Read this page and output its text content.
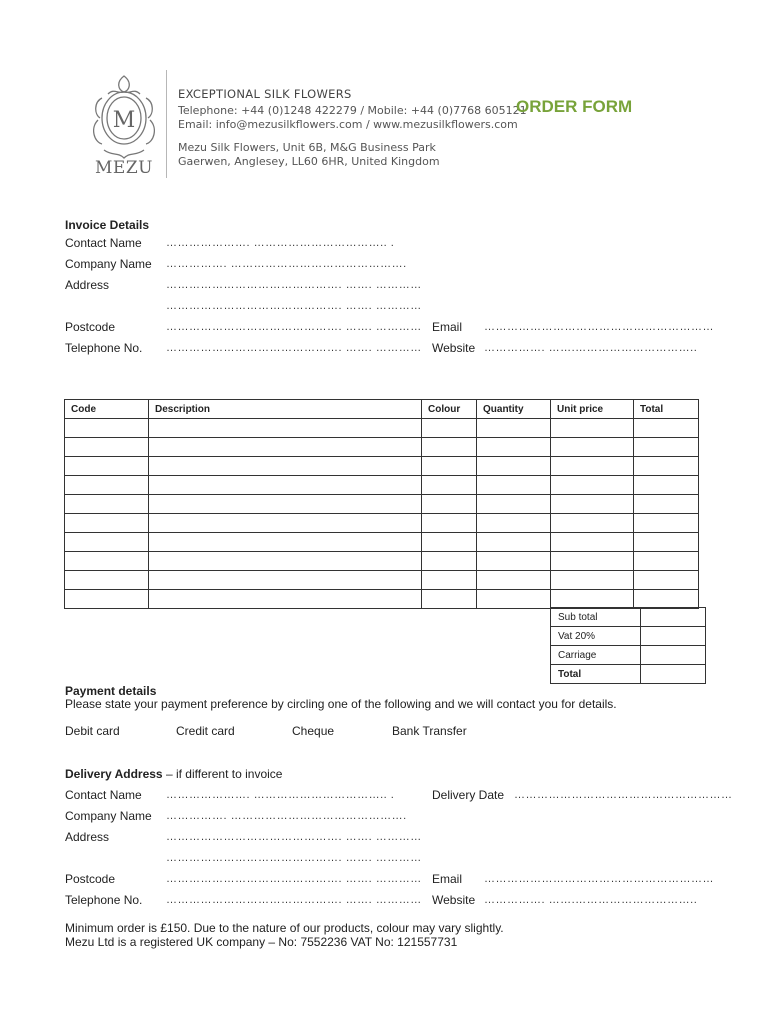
M
MEZU
EXCEPTIONAL SILK FLOWERS
Telephone: +44 (0)1248 422279 / Mobile: +44 (0)7768 605121
Email: info@mezusilkflowers.com / www.mezusilkflowers.com
Mezu Silk Flowers, Unit 6B, M&G Business Park
Gaerwen, Anglesey, LL60 6HR, United Kingdom
ORDER FORM
Invoice Details
Contact Name …………………. …………………………….. .
Company Name ……………. ……………………………………….
Address	………………………………………. ……. …………
………………………………………. ……. …………
Postcode	………………………………………. ……. ………… Email ……………………………………………………
Telephone No. ………………………………………. ……. ………… Website ……………. …….…………………………..
Code	Description	Colour	Quantity	Unit price	Total

Sub total	
Vat 20%	
Carriage	
Total	
Payment details
Please state your payment preference by circling one of the following and we will contact you for details.
Debit card	Credit card	Cheque	Bank Transfer
Delivery Address – if different to invoice
Contact Name …………………. …………………………….. .	Delivery Date …………………………………………………
Company Name ……………. ……………………………………….
Address	………………………………………. ……. …………
………………………………………. ……. …………
Postcode	………………………………………. ……. ………… Email ……………………………………………………
Telephone No. ………………………………………. ……. ………… Website ……………. …….…………………………..
Minimum order is £150. Due to the nature of our products, colour may vary slightly.
Mezu Ltd is a registered UK company – No: 7552236 VAT No: 121557731
